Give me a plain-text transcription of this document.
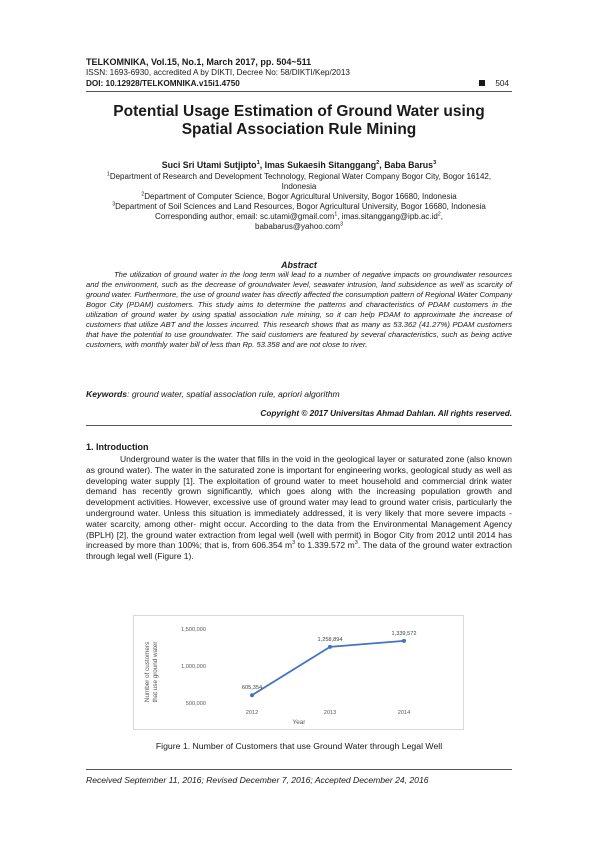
TELKOMNIKA, Vol.15, No.1, March 2017, pp. 504~511
ISSN: 1693-6930, accredited A by DIKTI, Decree No: 58/DIKTI/Kep/2013
DOI: 10.12928/TELKOMNIKA.v15i1.4750	504
Potential Usage Estimation of Ground Water using Spatial Association Rule Mining
Suci Sri Utami Sutjipto$^1$, Imas Sukaesih Sitanggang$^2$, Baba Barus$^3$
$^1$Department of Research and Development Technology, Regional Water Company Bogor City, Bogor 16142, Indonesia
$^2$Department of Computer Science, Bogor Agricultural University, Bogor 16680, Indonesia
$^3$Department of Soil Sciences and Land Resources, Bogor Agricultural University, Bogor 16680, Indonesia
Corresponding author, email: sc.utami@gmail.com$^1$, $imas.sitanggang@ipb.ac.id^2$,
bababarus@yahoo.com$^3$
Abstract
The utilization of ground water in the long term will lead to a number of negative impacts on groundwater resources and the environment, such as the decrease of groundwater level, seawater intrusion, land subsidence as well as scarcity of ground water. Furthermore, the use of ground water has directly affected the consumption pattern of Regional Water Company Bogor City (PDAM) customers. This study aims to determine the patterns and characteristics of PDAM customers in the utilization of ground water by using spatial association rule mining, so it can help PDAM to approximate the increase of customers that utilize ABT and the losses incurred. This research shows that as many as 53.362 (41.27%) PDAM customers that have the potential to use groundwater. The said customers are featured by several characteristics, such as being active customers, with monthly water bill of less than Rp. 53.358 and are not close to river.
Keywords: ground water, spatial association rule, apriori algorithm
Copyright © 2017 Universitas Ahmad Dahlan. All rights reserved.
1. Introduction

Underground water is the water that fills in the void in the geological layer or saturated zone (also known as ground water). The water in the saturated zone is important for engineering works, geological study as well as developing water supply [1]. The exploitation of ground water to meet household and commercial drink water demand has recently grown significantly, which goes along with the increasing population growth and development activities. However, excessive use of ground water may lead to ground water crisis, particularly the underground water. Unless this situation is immediately addressed, it is very likely that more severe impacts -water scarcity, among other- might occur. According to the data from the Environmental Management Agency (BPLH) [2], the ground water extraction from legal well (well with permit) in Bogor City from 2012 until 2014 has increased by more than 100%; that is, from 606.354 $m^3$ to 1.339.572 $m^3$. The data of the ground water extraction through legal well (Figure 1).

Number of customers that use ground water
500,000
1,000,000
1,500,000
2012	2013	2014
605,354
1,258,894
1,339,572
Year
Figure 1. Number of Customers that use Ground Water through Legal Well
Received September 11, 2016; Revised December 7, 2016; Accepted December 24, 2016
